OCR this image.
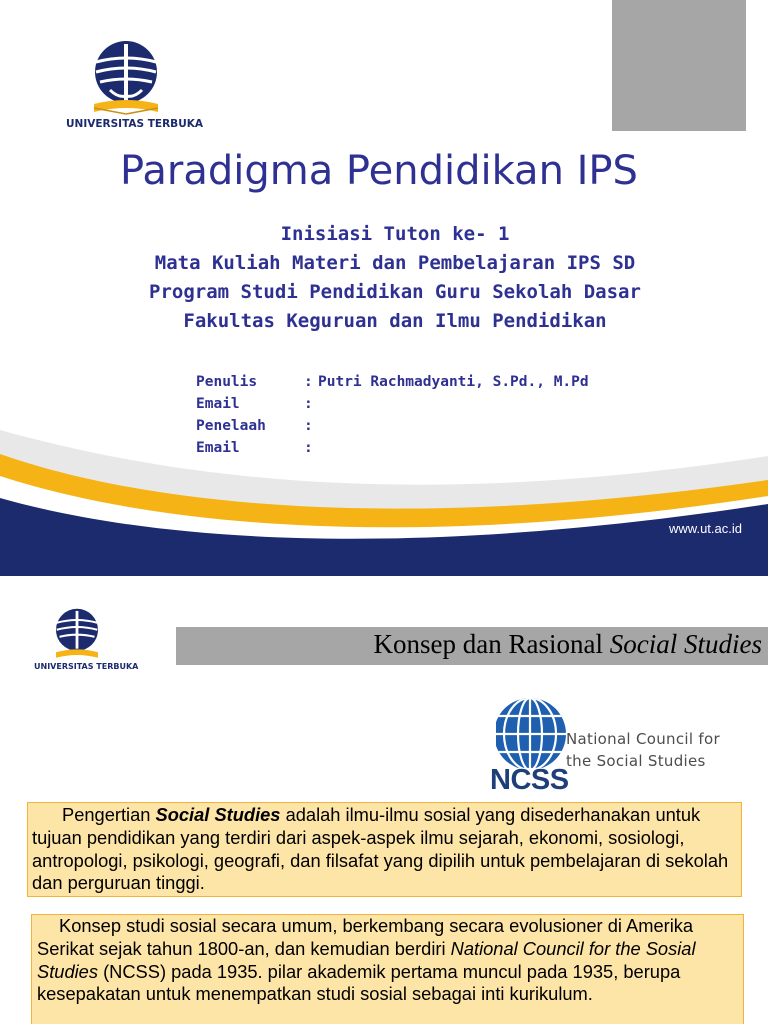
UNIVERSITAS TERBUKA
Paradigma Pendidikan IPS
Inisiasi Tuton ke- 1
Mata Kuliah Materi dan Pembelajaran IPS SD
Program Studi Pendidikan Guru Sekolah Dasar
Fakultas Keguruan dan Ilmu Pendidikan
Penulis	: Putri Rachmadyanti, S.Pd., M.Pd
Email	:
Penelaah	:
Email	:
www.ut.ac.id
UNIVERSITAS TERBUKA
Konsep dan Rasional Social Studies
National Council for
the Social Studies
NCSS
Pengertian Social Studies adalah ilmu-ilmu sosial yang disederhanakan untuk tujuan pendidikan yang terdiri dari aspek-aspek ilmu sejarah, ekonomi, sosiologi, antropologi, psikologi, geografi, dan filsafat yang dipilih untuk pembelajaran di sekolah dan perguruan tinggi.
Konsep studi sosial secara umum, berkembang secara evolusioner di Amerika Serikat sejak tahun 1800-an, dan kemudian berdiri National Council for the Sosial Studies (NCSS) pada 1935. pilar akademik pertama muncul pada 1935, berupa kesepakatan untuk menempatkan studi sosial sebagai inti kurikulum.
